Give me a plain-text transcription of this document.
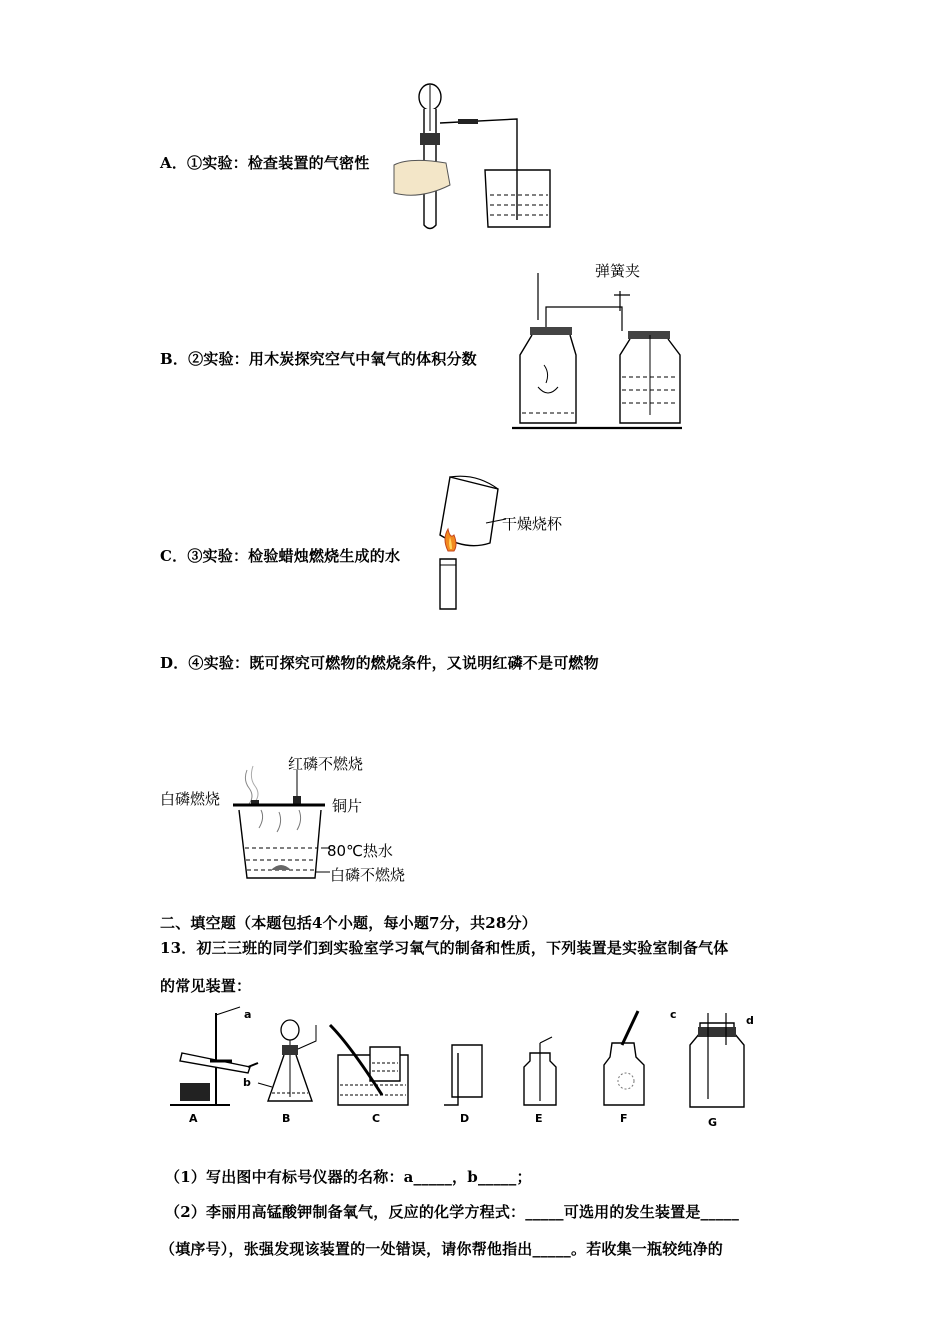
A．①实验：检查装置的气密性
B．②实验：用木炭探究空气中氧气的体积分数
弹簧夹
C．③实验：检验蜡烛燃烧生成的水
干燥烧杯
D．④实验：既可探究可燃物的燃烧条件，又说明红磷不是可燃物
红磷不燃烧
白磷燃烧	铜片
80℃热水
白磷不燃烧
二、填空题（本题包括4个小题，每小题7分，共28分）
13．初三三班的同学们到实验室学习氧气的制备和性质，下列装置是实验室制备气体
的常见装置：
A	B	C	D	E	F	G
a
b
c	d
（1）写出图中有标号仪器的名称：a_____，b_____；
（2）李丽用高锰酸钾制备氧气，反应的化学方程式：_____可选用的发生装置是_____
（填序号），张强发现该装置的一处错误，请你帮他指出_____。若收集一瓶较纯净的
